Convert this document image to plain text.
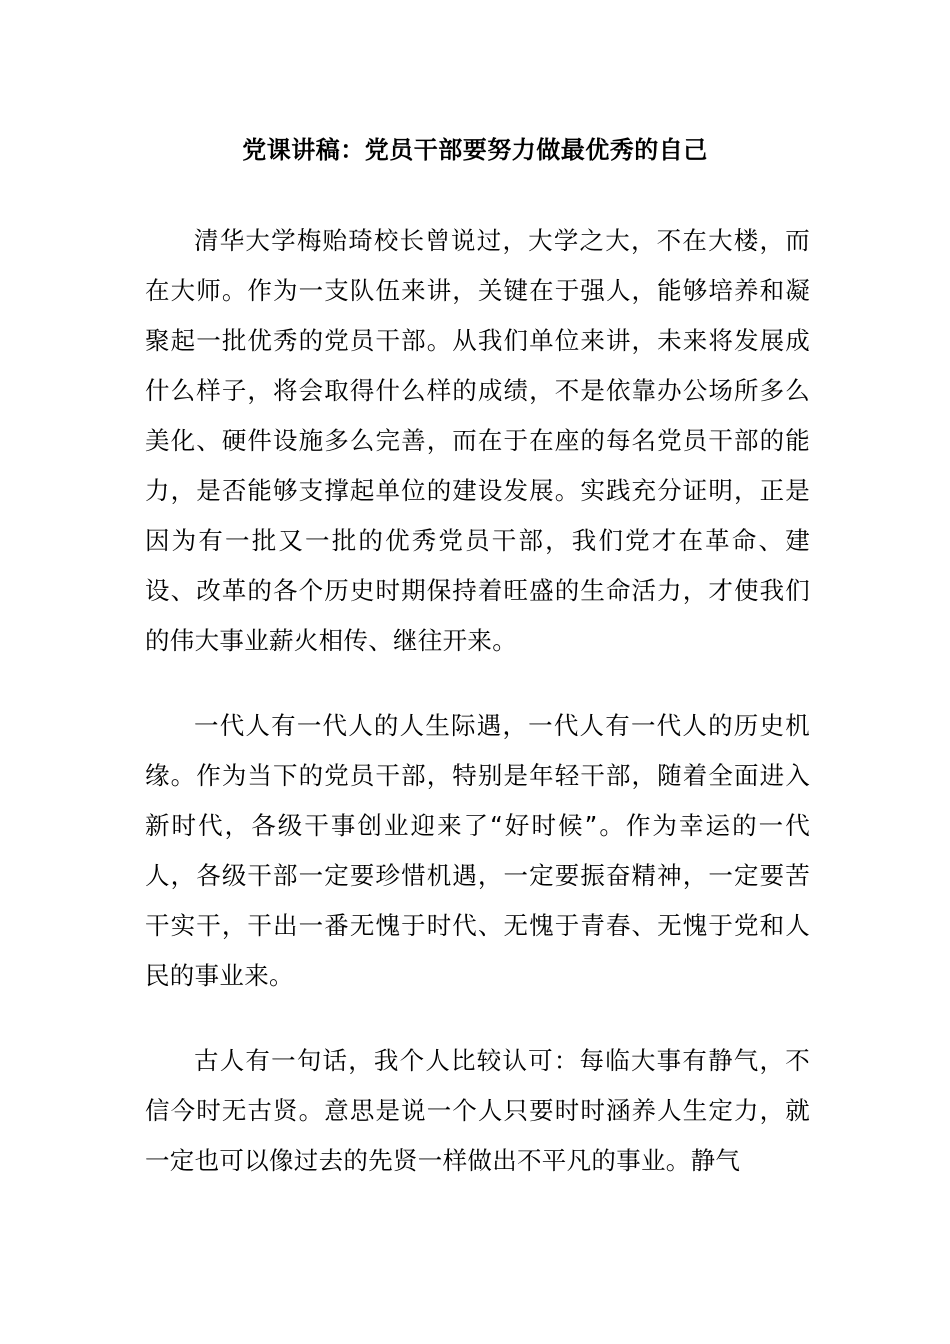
党课讲稿：党员干部要努力做最优秀的自己

清华大学梅贻琦校长曾说过，大学之大，不在大楼，而在大师。作为一支队伍来讲，关键在于强人，能够培养和凝聚起一批优秀的党员干部。从我们单位来讲，未来将发展成什么样子，将会取得什么样的成绩，不是依靠办公场所多么美化、硬件设施多么完善，而在于在座的每名党员干部的能力，是否能够支撑起单位的建设发展。实践充分证明，正是因为有一批又一批的优秀党员干部，我们党才在革命、建设、改革的各个历史时期保持着旺盛的生命活力，才使我们的伟大事业薪火相传、继往开来。

一代人有一代人的人生际遇，一代人有一代人的历史机缘。作为当下的党员干部，特别是年轻干部，随着全面进入新时代，各级干事创业迎来了“好时候”。作为幸运的一代人，各级干部一定要珍惜机遇，一定要振奋精神，一定要苦干实干，干出一番无愧于时代、无愧于青春、无愧于党和人民的事业来。

古人有一句话，我个人比较认可：每临大事有静气，不信今时无古贤。意思是说一个人只要时时涵养人生定力，就一定也可以像过去的先贤一样做出不平凡的事业。静气
